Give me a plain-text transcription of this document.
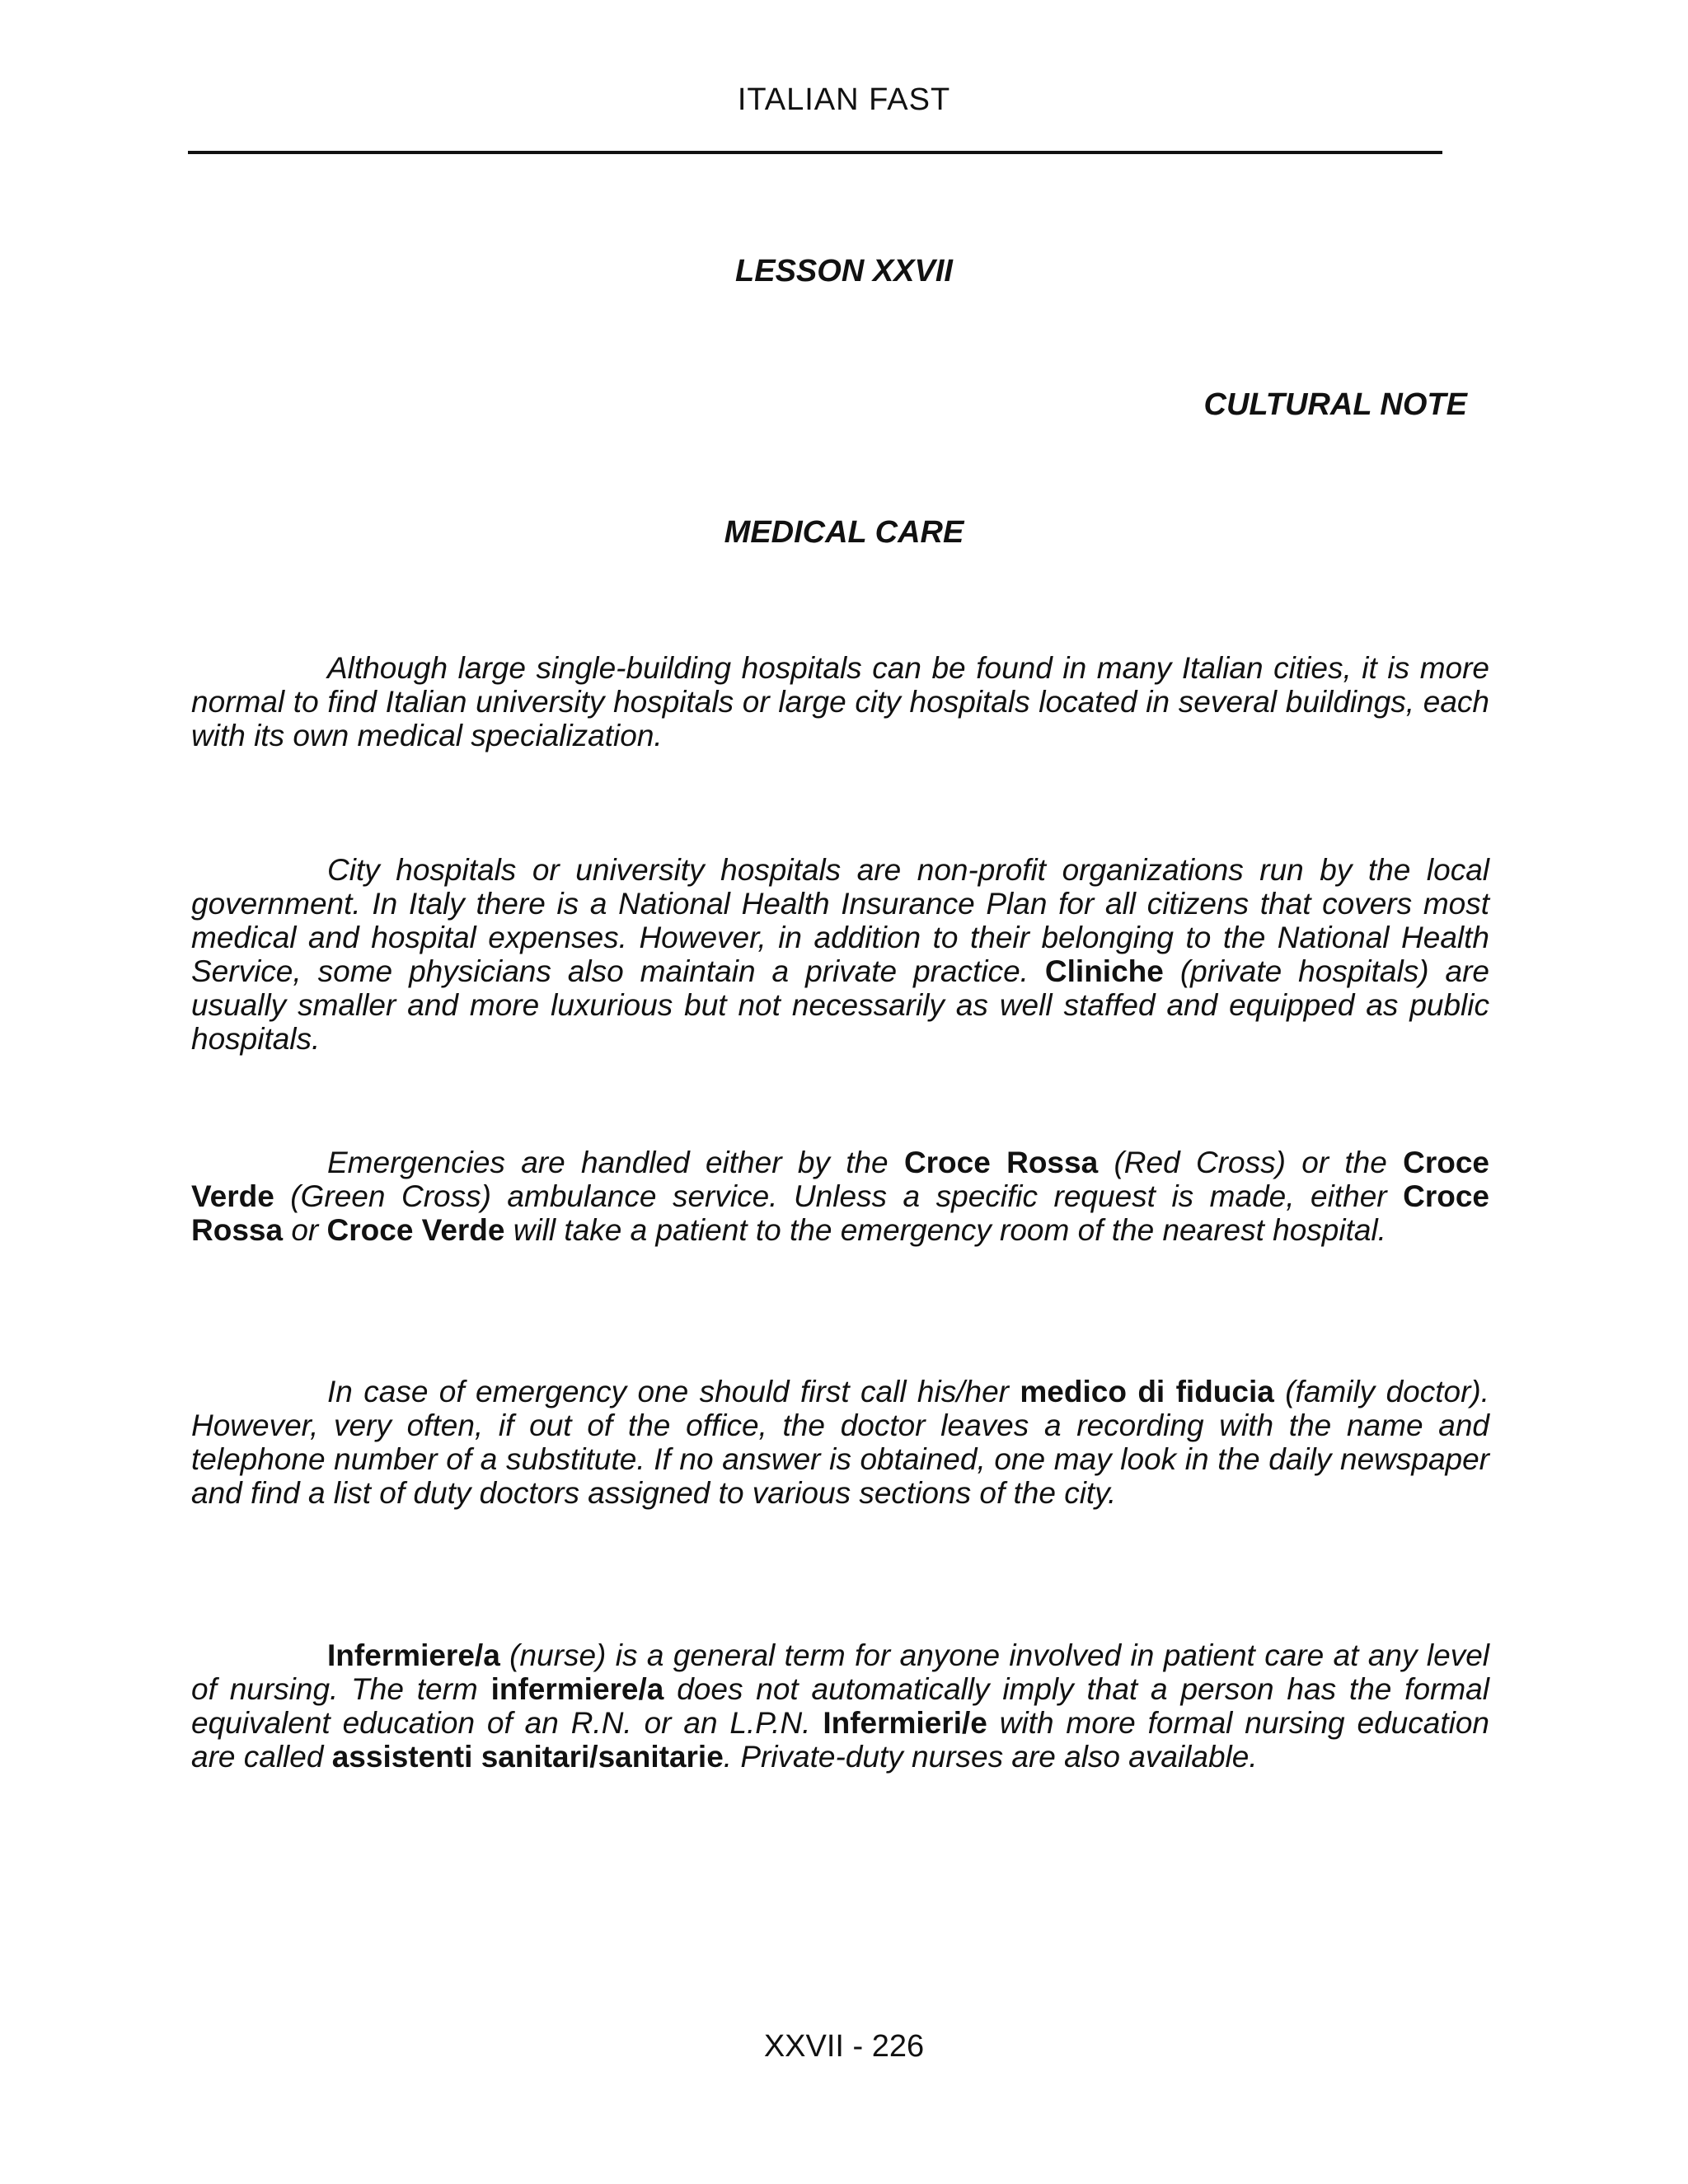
ITALIAN FAST
LESSON XXVII
CULTURAL NOTE
MEDICAL CARE

Although large single-building hospitals can be found in many Italian cities, it is more normal to find Italian university hospitals or large city hospitals located in several buildings, each with its own medical specialization.

City hospitals or university hospitals are non-profit organizations run by the local government. In Italy there is a National Health Insurance Plan for all citizens that covers most medical and hospital expenses. However, in addition to their belonging to the National Health Service, some physicians also maintain a private practice. Cliniche (private hospitals) are usually smaller and more luxurious but not necessarily as well staffed and equipped as public hospitals.

Emergencies are handled either by the Croce Rossa (Red Cross) or the Croce Verde (Green Cross) ambulance service. Unless a specific request is made, either Croce Rossa or Croce Verde will take a patient to the emergency room of the nearest hospital.

In case of emergency one should first call his/her medico di fiducia (family doctor). However, very often, if out of the office, the doctor leaves a recording with the name and telephone number of a substitute. If no answer is obtained, one may look in the daily newspaper and find a list of duty doctors assigned to various sections of the city.

Infermiere/a (nurse) is a general term for anyone involved in patient care at any level of nursing. The term infermiere/a does not automatically imply that a person has the formal equivalent education of an R.N. or an L.P.N. Infermieri/e with more formal nursing education are called assistenti sanitari/sanitarie. Private-duty nurses are also available.

XXVII - 226
